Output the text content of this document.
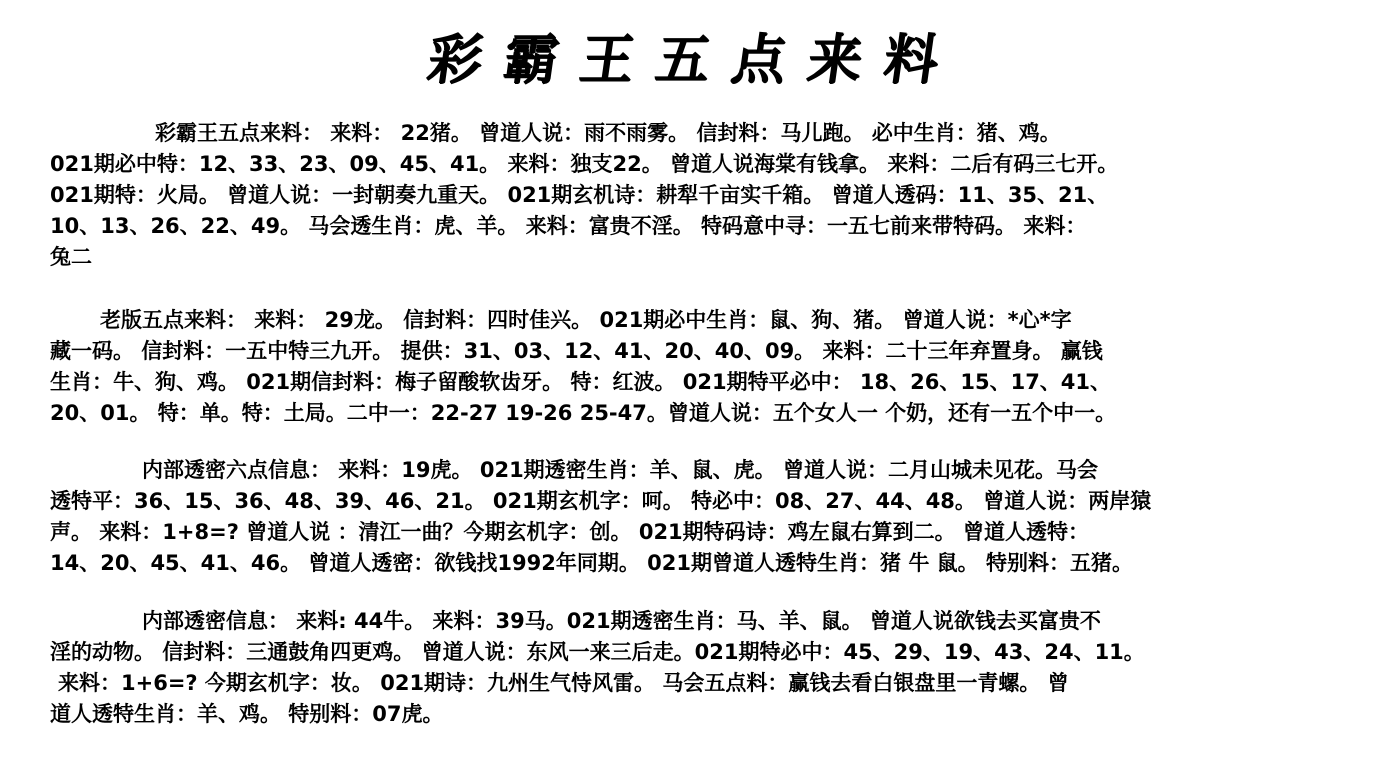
彩霸王五点来料
彩霸王五点来料： 来料： 22猪。 曾道人说：雨不雨雾。 信封料：马儿跑。 必中生肖：猪、鸡。
021期必中特：12、33、23、09、45、41。 来料：独支22。 曾道人说海棠有钱拿。 来料：二后有码三七开。
021期特：火局。 曾道人说：一封朝奏九重天。 021期玄机诗：耕犁千亩实千箱。 曾道人透码：11、35、21、
10、13、26、22、49。 马会透生肖：虎、羊。 来料：富贵不淫。 特码意中寻：一五七前来带特码。 来料：
兔二
老版五点来料： 来料： 29龙。 信封料：四时佳兴。 021期必中生肖：鼠、狗、猪。 曾道人说：*心*字
藏一码。 信封料：一五中特三九开。 提供：31、03、12、41、20、40、09。 来料：二十三年弃置身。 赢钱
生肖：牛、狗、鸡。 021期信封料：梅子留酸软齿牙。 特：红波。 021期特平必中： 18、26、15、17、41、
20、01。 特：单。特：土局。二中一：22-27 19-26 25-47。曾道人说：五个女人一 个奶，还有一五个中一。
内部透密六点信息： 来料：19虎。 021期透密生肖：羊、鼠、虎。 曾道人说：二月山城未见花。马会
透特平：36、15、36、48、39、46、21。 021期玄机字：呵。 特必中：08、27、44、48。 曾道人说：两岸猿
声。 来料：1+8=? 曾道人说 ：清江一曲？今期玄机字：创。 021期特码诗：鸡左鼠右算到二。 曾道人透特：
14、20、45、41、46。 曾道人透密：欲钱找1992年同期。 021期曾道人透特生肖：猪 牛 鼠。 特别料：五猪。
内部透密信息： 来料: 44牛。 来料：39马。021期透密生肖：马、羊、鼠。 曾道人说欲钱去买富贵不
淫的动物。 信封料：三通鼓角四更鸡。 曾道人说：东风一来三后走。021期特必中：45、29、19、43、24、11。
来料：1+6=? 今期玄机字：妆。 021期诗：九州生气恃风雷。 马会五点料：赢钱去看白银盘里一青螺。 曾
道人透特生肖：羊、鸡。 特别料：07虎。
